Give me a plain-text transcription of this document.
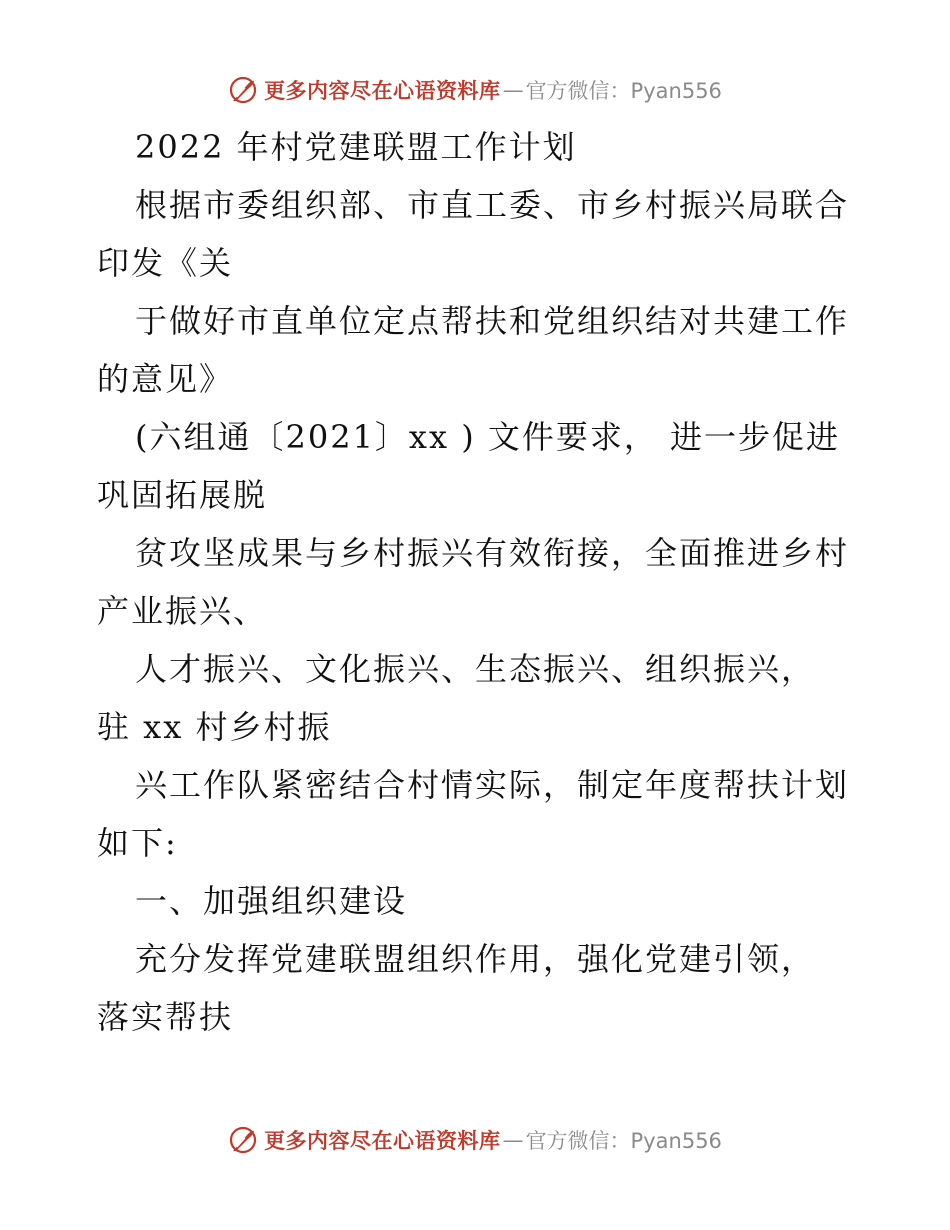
更多内容尽在心语资料库 — 官方微信：Pyan556
2022 年村党建联盟工作计划
根据市委组织部、市直工委、市乡村振兴局联合
印发《关
于做好市直单位定点帮扶和党组织结对共建工作
的意见》
(六组通〔2021〕xx ) 文件要求， 进一步促进
巩固拓展脱
贫攻坚成果与乡村振兴有效衔接，全面推进乡村
产业振兴、
人才振兴、文化振兴、生态振兴、组织振兴，
驻 xx 村乡村振
兴工作队紧密结合村情实际，制定年度帮扶计划
如下:
一、加强组织建设
充分发挥党建联盟组织作用，强化党建引领，
落实帮扶
更多内容尽在心语资料库 — 官方微信：Pyan556
